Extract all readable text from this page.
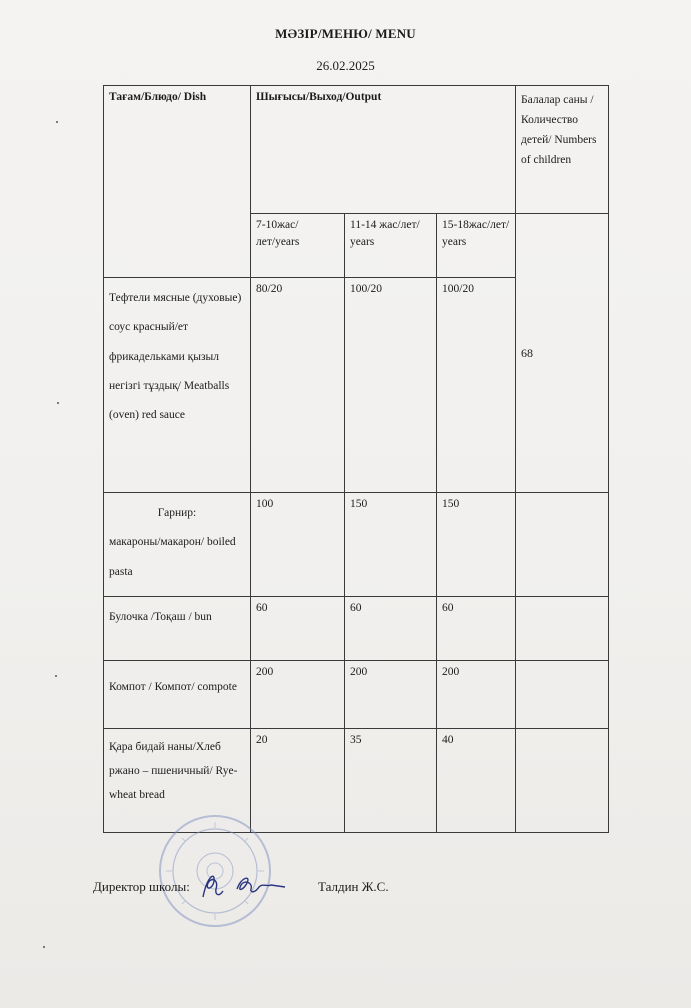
МӘЗІР/МЕНЮ/ MENU
26.02.2025
Тағам/Блюдо/ Dish	Шығысы/Выход/Output			Балалар саны /Количество детей/ Numbers of children
	7-10жас/лет/years	11-14 жас/лет/ years	15-18жас/лет/ years	68
Тефтели мясные (духовые) соус красный/ет фрикадельками қызыл негізгі тұздық/ Meatballs (oven) red sauce	80/20	100/20	100/20	

Гарнир:
макароны/макарон/ boiled pasta	100	150	150	
Булочка /Тоқаш / bun	60	60	60	
Компот / Компот/ compote	200	200	200	
Қара бидай наны/Хлеб ржано – пшеничный/ Rye-wheat bread	20	35	40	
Директор школы:	Талдин Ж.С.
